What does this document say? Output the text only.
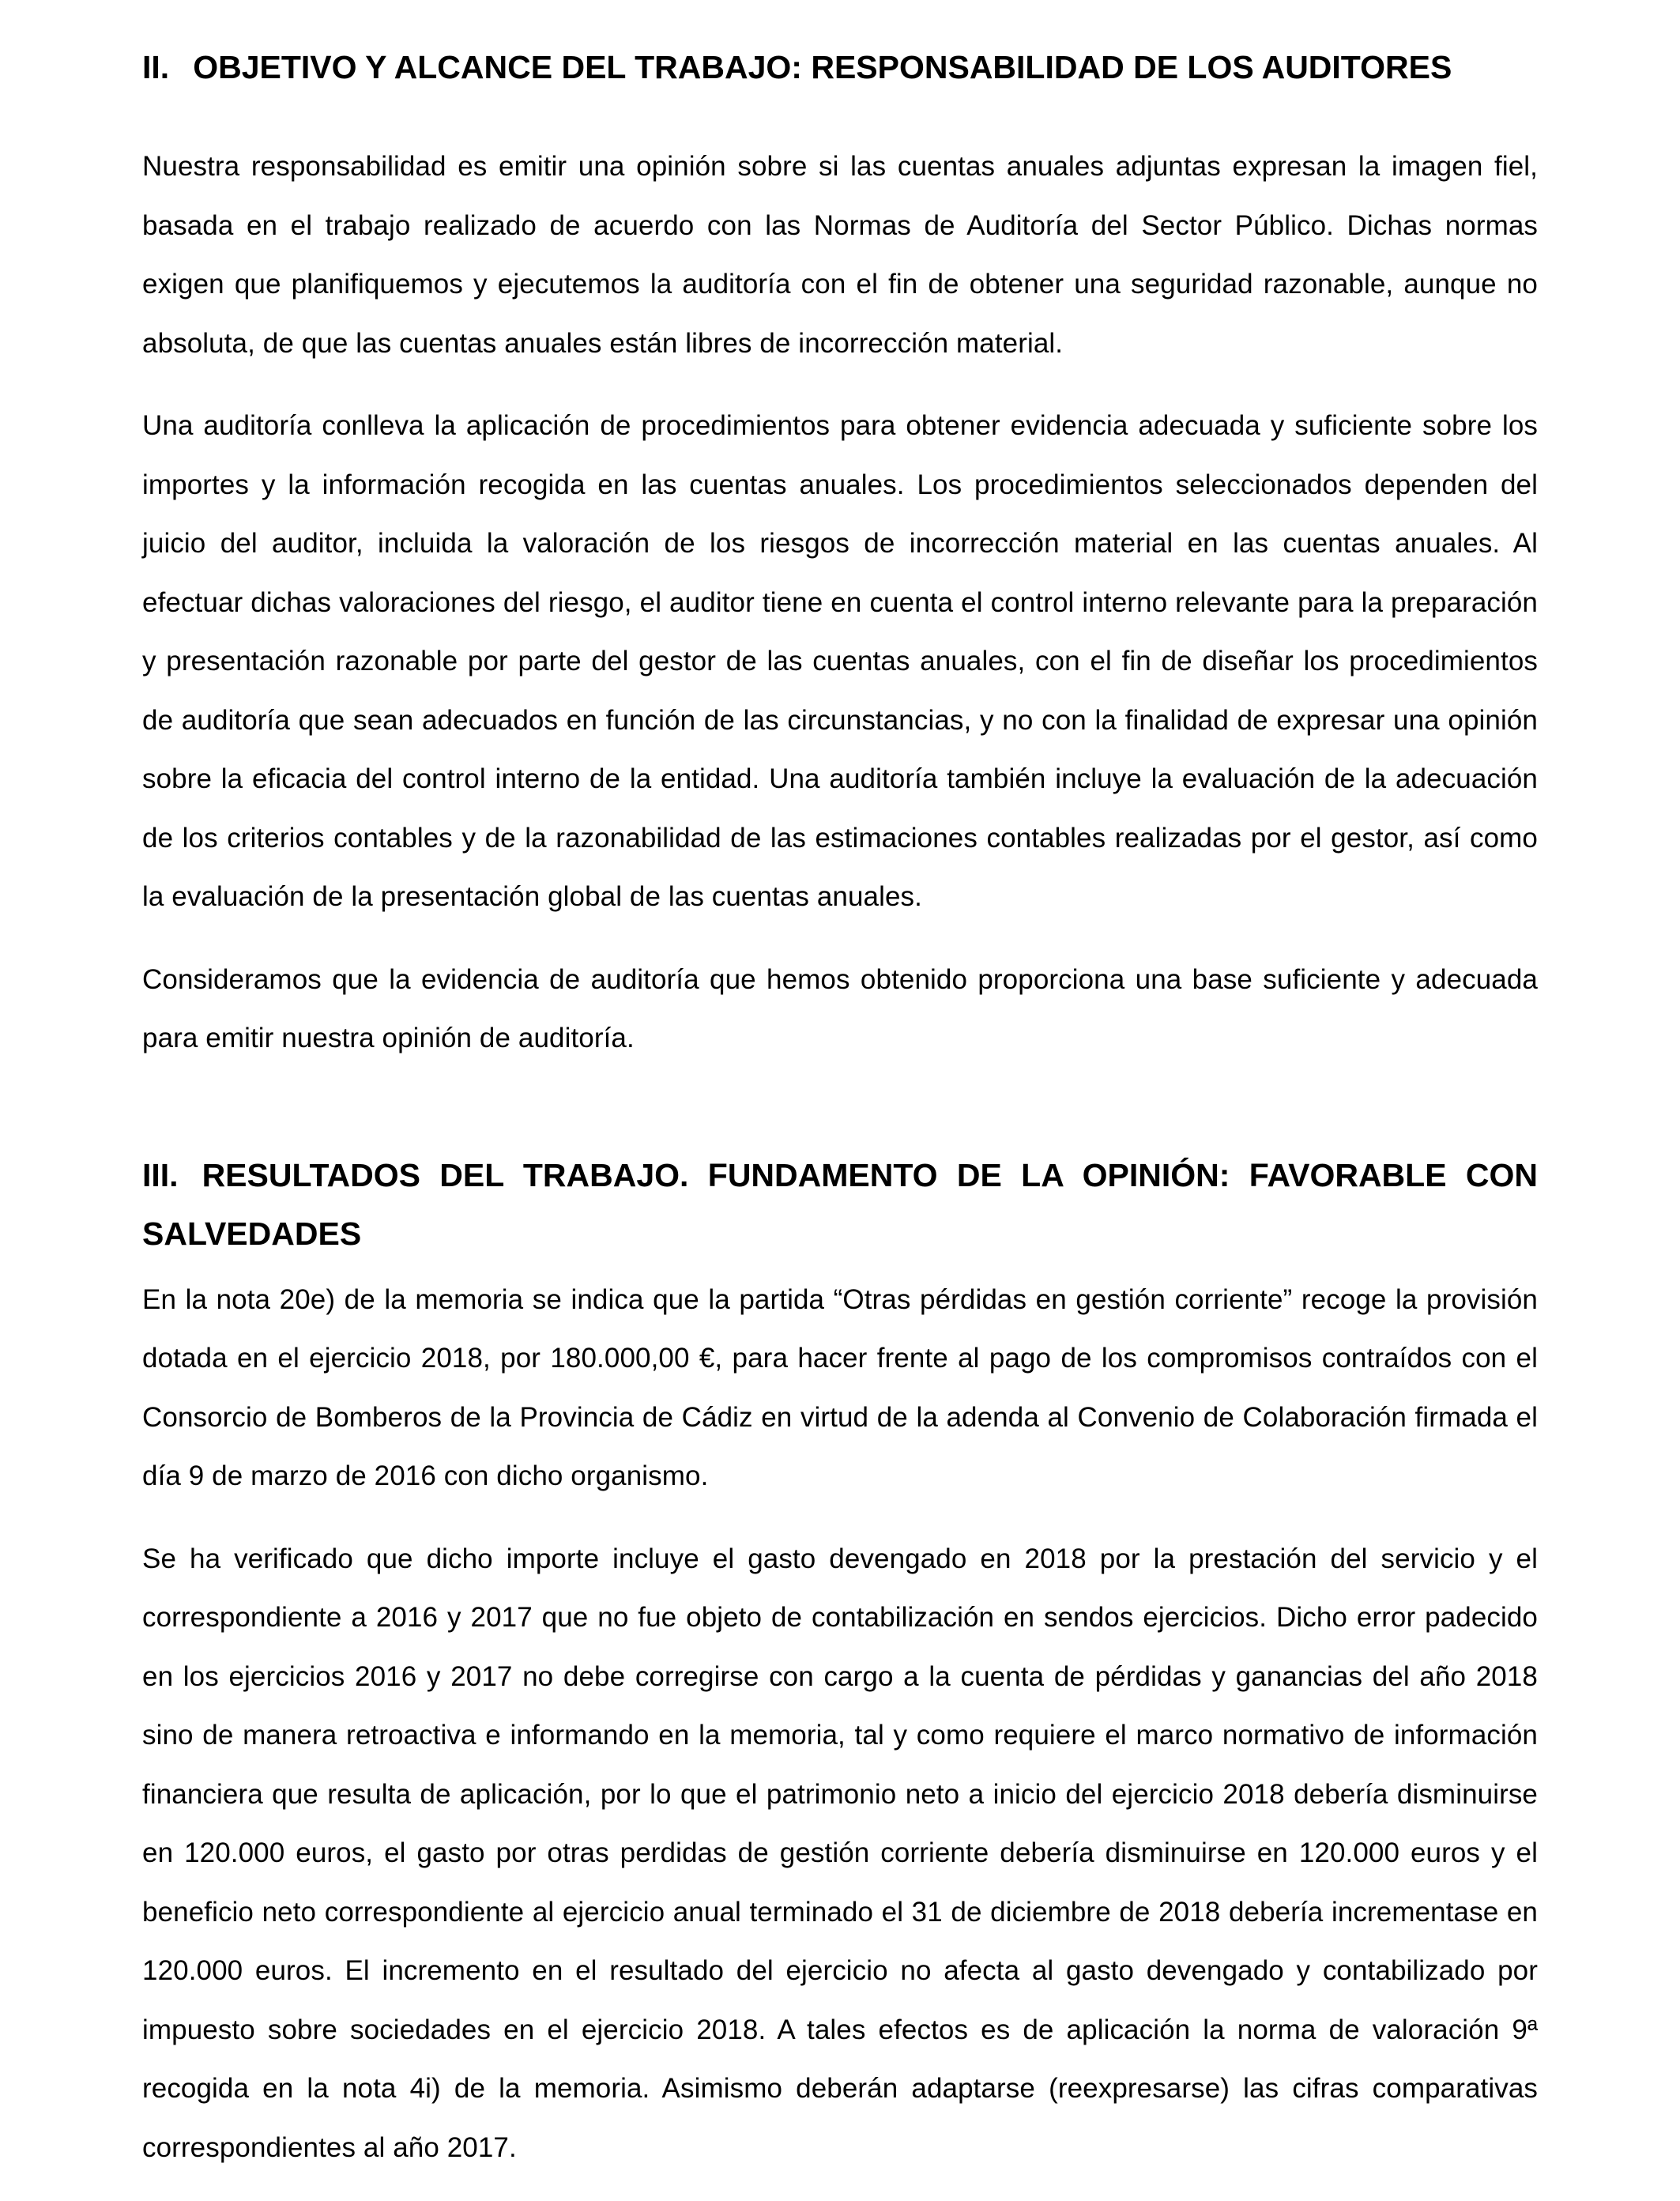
II. OBJETIVO Y ALCANCE DEL TRABAJO: RESPONSABILIDAD DE LOS AUDITORES

Nuestra responsabilidad es emitir una opinión sobre si las cuentas anuales adjuntas expresan la imagen fiel, basada en el trabajo realizado de acuerdo con las Normas de Auditoría del Sector Público. Dichas normas exigen que planifiquemos y ejecutemos la auditoría con el fin de obtener una seguridad razonable, aunque no absoluta, de que las cuentas anuales están libres de incorrección material.

Una auditoría conlleva la aplicación de procedimientos para obtener evidencia adecuada y suficiente sobre los importes y la información recogida en las cuentas anuales. Los procedimientos seleccionados dependen del juicio del auditor, incluida la valoración de los riesgos de incorrección material en las cuentas anuales. Al efectuar dichas valoraciones del riesgo, el auditor tiene en cuenta el control interno relevante para la preparación y presentación razonable por parte del gestor de las cuentas anuales, con el fin de diseñar los procedimientos de auditoría que sean adecuados en función de las circunstancias, y no con la finalidad de expresar una opinión sobre la eficacia del control interno de la entidad. Una auditoría también incluye la evaluación de la adecuación de los criterios contables y de la razonabilidad de las estimaciones contables realizadas por el gestor, así como la evaluación de la presentación global de las cuentas anuales.

Consideramos que la evidencia de auditoría que hemos obtenido proporciona una base suficiente y adecuada para emitir nuestra opinión de auditoría.

III. RESULTADOS DEL TRABAJO. FUNDAMENTO DE LA OPINIÓN: FAVORABLE CON SALVEDADES

En la nota 20e) de la memoria se indica que la partida “Otras pérdidas en gestión corriente” recoge la provisión dotada en el ejercicio 2018, por 180.000,00 €, para hacer frente al pago de los compromisos contraídos con el Consorcio de Bomberos de la Provincia de Cádiz en virtud de la adenda al Convenio de Colaboración firmada el día 9 de marzo de 2016 con dicho organismo.

Se ha verificado que dicho importe incluye el gasto devengado en 2018 por la prestación del servicio y el correspondiente a 2016 y 2017 que no fue objeto de contabilización en sendos ejercicios. Dicho error padecido en los ejercicios 2016 y 2017 no debe corregirse con cargo a la cuenta de pérdidas y ganancias del año 2018 sino de manera retroactiva e informando en la memoria, tal y como requiere el marco normativo de información financiera que resulta de aplicación, por lo que el patrimonio neto a inicio del ejercicio 2018 debería disminuirse en 120.000 euros, el gasto por otras perdidas de gestión corriente debería disminuirse en 120.000 euros y el beneficio neto correspondiente al ejercicio anual terminado el 31 de diciembre de 2018 debería incrementase en 120.000 euros. El incremento en el resultado del ejercicio no afecta al gasto devengado y contabilizado por impuesto sobre sociedades en el ejercicio 2018. A tales efectos es de aplicación la norma de valoración 9ª recogida en la nota 4i) de la memoria. Asimismo deberán adaptarse (reexpresarse) las cifras comparativas correspondientes al año 2017.
